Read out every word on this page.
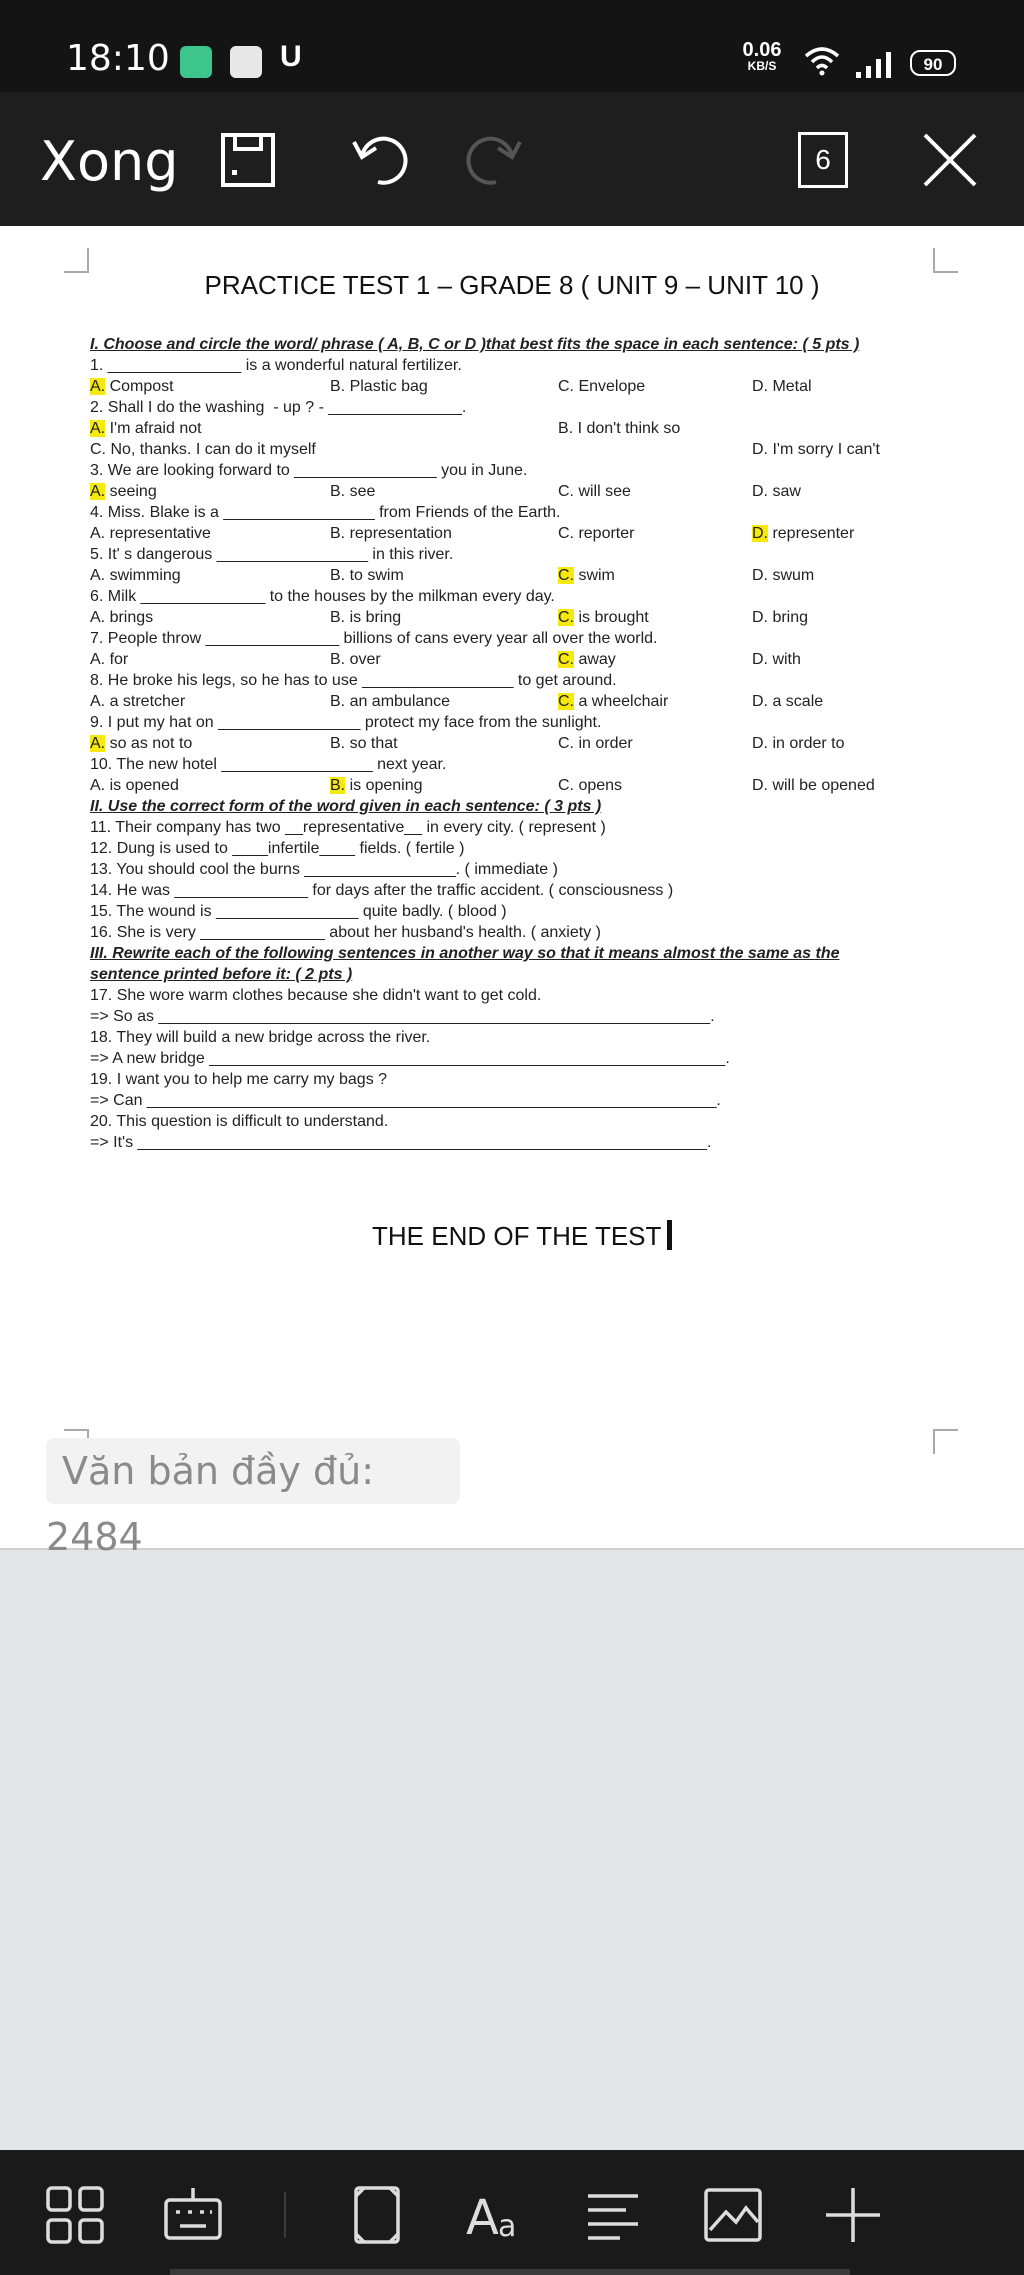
18:10	U	0.06
KB/S	90
Xong	6
PRACTICE TEST 1 – GRADE 8 ( UNIT 9 – UNIT 10 )
I. Choose and circle the word/ phrase ( A, B, C or D )that best fits the space in each sentence: ( 5 pts )
1. _______________ is a wonderful natural fertilizer.
A. Compost	B. Plastic bag	C. Envelope	D. Metal
2. Shall I do the washing  - up ? - _______________.
A. I'm afraid not	B. I don't think so
C. No, thanks. I can do it myself	D. I'm sorry I can't
3. We are looking forward to ________________ you in June.
A. seeing	B. see	C. will see	D. saw
4. Miss. Blake is a _________________ from Friends of the Earth.
A. representative	B. representation	C. reporter	D. representer
5. It' s dangerous _________________ in this river.
A. swimming	B. to swim	C. swim	D. swum
6. Milk ______________ to the houses by the milkman every day.
A. brings	B. is bring	C. is brought	D. bring
7. People throw _______________ billions of cans every year all over the world.
A. for	B. over	C. away	D. with
8. He broke his legs, so he has to use _________________ to get around.
A. a stretcher	B. an ambulance	C. a wheelchair	D. a scale
9. I put my hat on ________________ protect my face from the sunlight.
A. so as not to	B. so that	C. in order	D. in order to
10. The new hotel _________________ next year.
A. is opened	B. is opening	C. opens	D. will be opened
II. Use the correct form of the word given in each sentence: ( 3 pts )
11. Their company has two __representative__ in every city. ( represent )
12. Dung is used to ____infertile____ fields. ( fertile )
13. You should cool the burns _________________. ( immediate )
14. He was _______________ for days after the traffic accident. ( consciousness )
15. The wound is ________________ quite badly. ( blood )
16. She is very ______________ about her husband's health. ( anxiety )
III. Rewrite each of the following sentences in another way so that it means almost the same as the
sentence printed before it: ( 2 pts )
17. She wore warm clothes because she didn't want to get cold.
=> So as ______________________________________________________________.
18. They will build a new bridge across the river.
=> A new bridge __________________________________________________________.
19. I want you to help me carry my bags ?
=> Can ________________________________________________________________.
20. This question is difficult to understand.
=> It's ________________________________________________________________.
THE END OF THE TEST
Văn bản đầy đủ: 2484
A a
